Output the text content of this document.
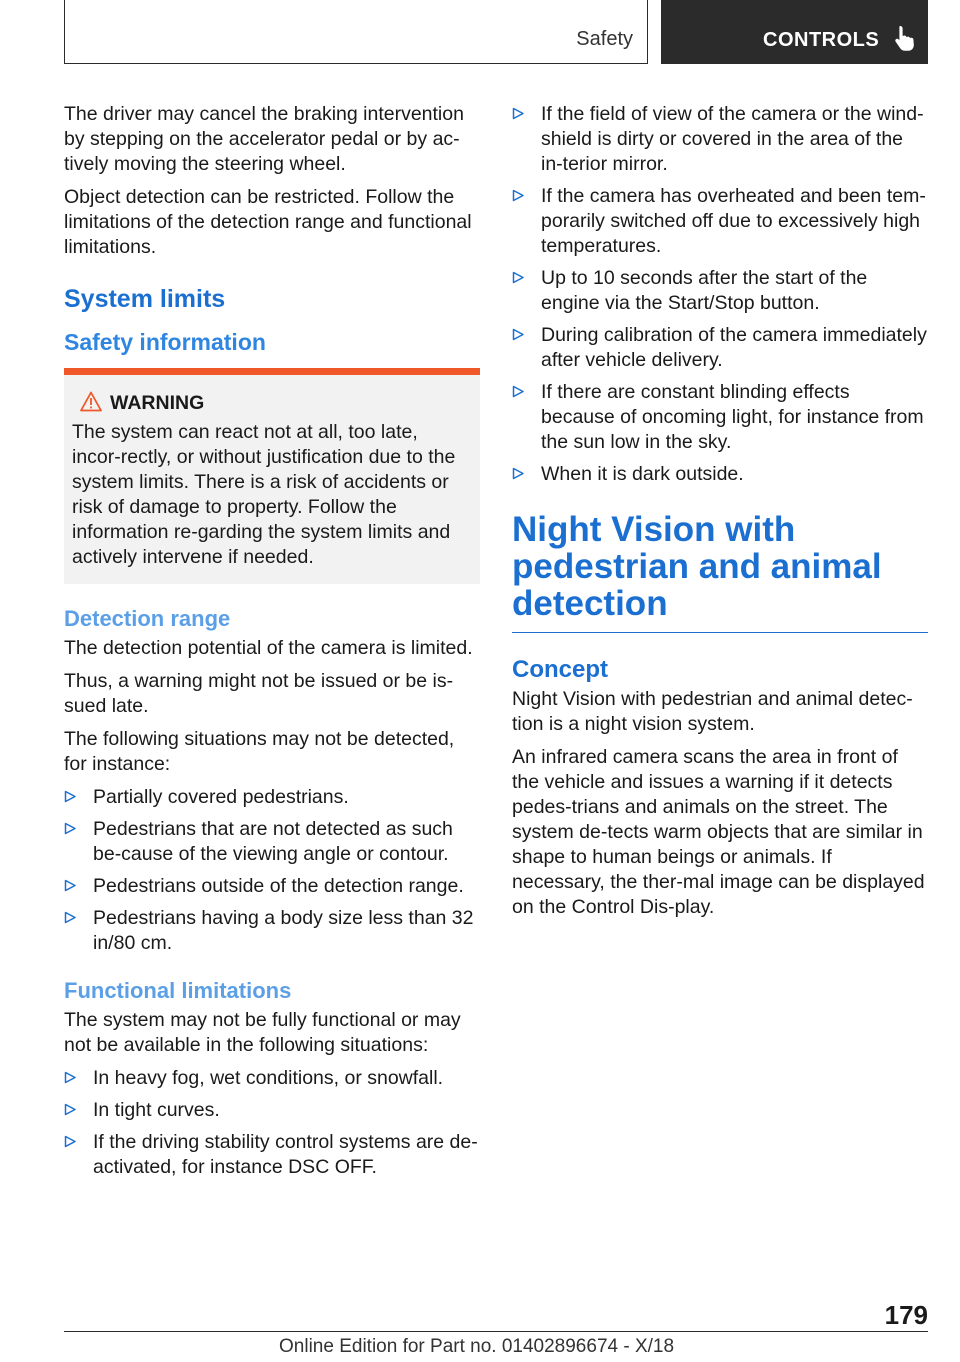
Safety	CONTROLS

The driver may cancel the braking intervention by stepping on the accelerator pedal or by ac‐tively moving the steering wheel.

Object detection can be restricted. Follow the limitations of the detection range and functional limitations.

System limits
Safety information
WARNING

The system can react not at all, too late, incor‐rectly, or without justification due to the system limits. There is a risk of accidents or risk of damage to property. Follow the information re‐garding the system limits and actively intervene if needed.

Detection range

The detection potential of the camera is limited.

Thus, a warning might not be issued or be is‐sued late.

The following situations may not be detected, for instance:

Partially covered pedestrians.
Pedestrians that are not detected as such be‐cause of the viewing angle or contour.
Pedestrians outside of the detection range.
Pedestrians having a body size less than 32 in/80 cm.
Functional limitations

The system may not be fully functional or may not be available in the following situations:

In heavy fog, wet conditions, or snowfall.
In tight curves.
If the driving stability control systems are de‐activated, for instance DSC OFF.
If the field of view of the camera or the wind‐shield is dirty or covered in the area of the in‐terior mirror.
If the camera has overheated and been tem‐porarily switched off due to excessively high temperatures.
Up to 10 seconds after the start of the engine via the Start/Stop button.
During calibration of the camera immediately after vehicle delivery.
If there are constant blinding effects because of oncoming light, for instance from the sun low in the sky.
When it is dark outside.
Night Vision with pedestrian and animal detection
Concept

Night Vision with pedestrian and animal detec‐tion is a night vision system.

An infrared camera scans the area in front of the vehicle and issues a warning if it detects pedes‐trians and animals on the street. The system de‐tects warm objects that are similar in shape to human beings or animals. If necessary, the ther‐mal image can be displayed on the Control Dis‐play.

179
Online Edition for Part no. 01402896674 - X/18
